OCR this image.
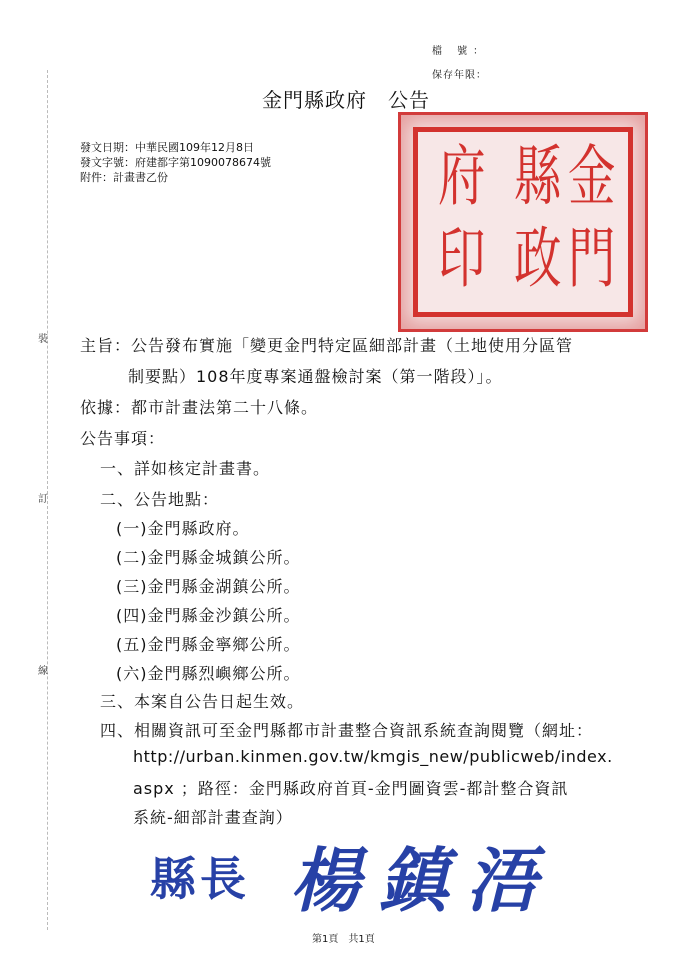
檔 號：
保存年限：
金門縣政府　公告
裝
訂
線
發文日期：中華民國109年12月8日
發文字號：府建都字第1090078674號
附件：計畫書乙份	金
縣
府
門
政
印
主旨：公告發布實施「變更金門特定區細部計畫（土地使用分區管
制要點）108年度專案通盤檢討案（第一階段）」。
依據：都市計畫法第二十八條。
公告事項：
一、詳如核定計畫書。
二、公告地點：
(一)金門縣政府。
(二)金門縣金城鎮公所。
(三)金門縣金湖鎮公所。
(四)金門縣金沙鎮公所。
(五)金門縣金寧鄉公所。
(六)金門縣烈嶼鄉公所。
三、本案自公告日起生效。
四、相關資訊可至金門縣都市計畫整合資訊系統查詢閱覽（網址：
http://urban.kinmen.gov.tw/kmgis_new/publicweb/index.
aspx ；路徑：金門縣政府首頁-金門圖資雲-都計整合資訊
系統-細部計畫查詢）
縣長 楊鎮浯
第1頁　共1頁
